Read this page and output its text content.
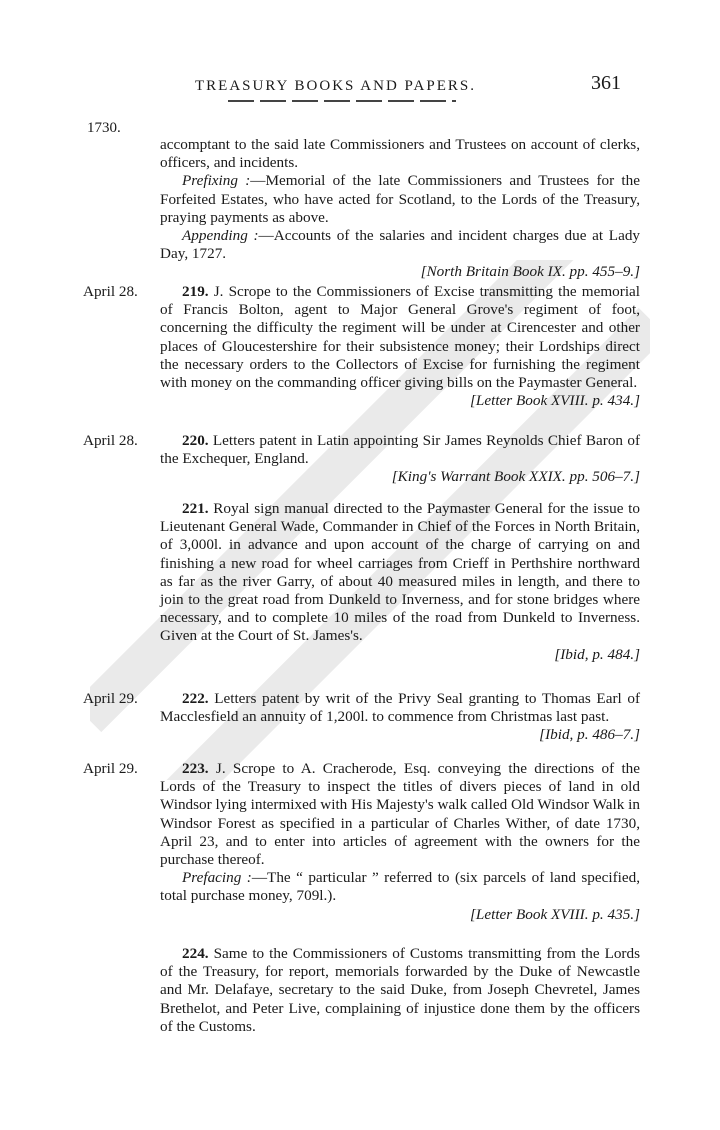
TREASURY BOOKS AND PAPERS.	361
1730.

accomptant to the said late Commissioners and Trustees on account of clerks, officers, and incidents.

Prefixing :—Memorial of the late Commissioners and Trustees for the Forfeited Estates, who have acted for Scotland, to the Lords of the Treasury, praying payments as above.

Appending :—Accounts of the salaries and incident charges due at Lady Day, 1727.

[North Britain Book IX. pp. 455–9.]

April 28.	219. J. Scrope to the Commissioners of Excise transmitting the memorial of Francis Bolton, agent to Major General Grove's regiment of foot, concerning the difficulty the regiment will be under at Cirencester and other places of Gloucestershire for their subsistence money; their Lordships direct the necessary orders to the Collectors of Excise for furnishing the regiment with money on the commanding officer giving bills on the Paymaster General.

[Letter Book XVIII. p. 434.]

April 28.	220. Letters patent in Latin appointing Sir James Reynolds Chief Baron of the Exchequer, England.

[King's Warrant Book XXIX. pp. 506–7.]

221. Royal sign manual directed to the Paymaster General for the issue to Lieutenant General Wade, Commander in Chief of the Forces in North Britain, of 3,000l. in advance and upon account of the charge of carrying on and finishing a new road for wheel carriages from Crieff in Perthshire northward as far as the river Garry, of about 40 measured miles in length, and there to join to the great road from Dunkeld to Inverness, and for stone bridges where necessary, and to complete 10 miles of the road from Dunkeld to Inverness. Given at the Court of St. James's.

[Ibid, p. 484.]

April 29.	222. Letters patent by writ of the Privy Seal granting to Thomas Earl of Macclesfield an annuity of 1,200l. to commence from Christmas last past.

[Ibid, p. 486–7.]

April 29.	223. J. Scrope to A. Cracherode, Esq. conveying the directions of the Lords of the Treasury to inspect the titles of divers pieces of land in old Windsor lying intermixed with His Majesty's walk called Old Windsor Walk in Windsor Forest as specified in a particular of Charles Wither, of date 1730, April 23, and to enter into articles of agreement with the owners for the purchase thereof.

Prefacing :—The “ particular ” referred to (six parcels of land specified, total purchase money, 709l.).

[Letter Book XVIII. p. 435.]

224. Same to the Commissioners of Customs transmitting from the Lords of the Treasury, for report, memorials forwarded by the Duke of Newcastle and Mr. Delafaye, secretary to the said Duke, from Joseph Chevretel, James Brethelot, and Peter Live, complaining of injustice done them by the officers of the Customs.
